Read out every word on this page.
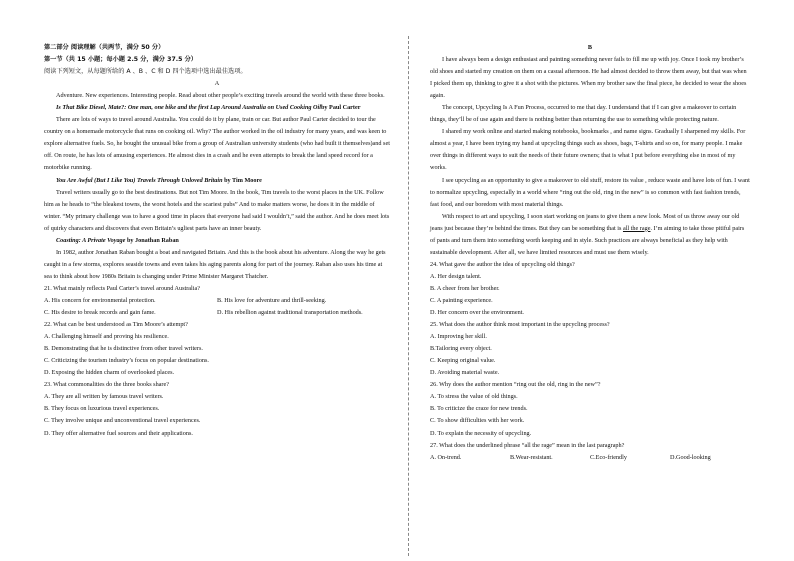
第二部分 阅读理解（共两节，满分 50 分）

第一节（共 15 小题；每小题 2.5 分，满分 37.5 分）

阅读下列短文，从每题所给的 A 、B 、C 和 D 四个选项中选出最佳选项。

A

Adventure. New experiences. Interesting people. Read about other people’s exciting travels around the world with these three books.

Is That Bike Diesel, Mate?: One man, one bike and the first Lap Around Australia on Used Cooking Oilby Paul Carter

There are lots of ways to travel around Australia. You could do it by plane, train or car. But author Paul Carter decided to tour the country on a homemade motorcycle that runs on cooking oil. Why? The author worked in the oil industry for many years, and was keen to explore alternative fuels. So, he bought the unusual bike from a group of Australian university students (who had built it themselves)and set off. On route, he has lots of amusing experiences. He almost dies in a crash and he even attempts to break the land speed record for a motorbike running.

You Are Awful (But I Like You) Travels Through Unloved Britain by Tim Moore

Travel writers usually go to the best destinations. But not Tim Moore. In the book, Tim travels to the worst places in the UK. Follow him as he heads to “the bleakest towns, the worst hotels and the scariest pubs” And to make matters worse, he does it in the middle of winter. “My primary challenge was to have a good time in places that everyone had said I wouldn’t,” said the author. And he does meet lots of quirky characters and discovers that even Britain’s ugliest parts have an inner beauty.

Coasting: A Private Voyage by Jonathan Raban

In 1982, author Jonathan Raban bought a boat and navigated Britain. And this is the book about his adventure. Along the way he gets caught in a few storms, explores seaside towns and even takes his aging parents along for part of the journey. Raban also uses his time at sea to think about how 1980s Britain is changing under Prime Minister Margaret Thatcher.

21. What mainly reflects Paul Carter’s travel around Australia?

A. His concern for environmental protection.	B. His love for adventure and thrill-seeking.
C. His desire to break records and gain fame.	D. His rebellion against traditional transportation methods.

22. What can be best understood as Tim Moore’s attempt?

A. Challenging himself and proving his resilience.

B. Demonstrating that he is distinctive from other travel writers.

C. Criticizing the tourism industry’s focus on popular destinations.

D. Exposing the hidden charm of overlooked places.

23. What commonalities do the three books share?

A. They are all written by famous travel writers.

B. They focus on luxurious travel experiences.

C. They involve unique and unconventional travel experiences.

D. They offer alternative fuel sources and their applications.

B

I have always been a design enthusiast and painting something never fails to fill me up with joy. Once I took my brother’s old shoes and started my creation on them on a casual afternoon. He had almost decided to throw them away, but that was when I picked them up, thinking to give it a shot with the pictures. When my brother saw the final piece, he decided to wear the shoes again.

The concept, Upcycling Is A Fun Process, occurred to me that day. I understand that if I can give a makeover to certain things, they’ll be of use again and there is nothing better than returning the use to something while protecting nature.

I shared my work online and started making notebooks, bookmarks , and name signs. Gradually I sharpened my skills. For almost a year, I have been trying my hand at upcycling things such as shoes, bags, T-shirts and so on, for many people. I make over things in different ways to suit the needs of their future owners; that is what I put before everything else in most of my works.

I see upcycling as an opportunity to give a makeover to old stuff, restore its value , reduce waste and have lots of fun. I want to normalize upcycling, especially in a world where “ring out the old, ring in the new” is so common with fast fashion trends, fast food, and our boredom with most material things.

With respect to art and upcycling, I soon start working on jeans to give them a new look. Most of us throw away our old jeans just because they’re behind the times. But they can be something that is all the rage. I’m aiming to take those pitiful pairs of pants and turn them into something worth keeping and in style. Such practices are always beneficial as they help with sustainable development. After all, we have limited resources and must use them wisely.

24. What gave the author the idea of upcycling old things?

A. Her design talent.

B. A cheer from her brother.

C. A painting experience.

D. Her concern over the environment.

25. What does the author think most important in the upcycling process?

A. Improving her skill.

B.Tailoring every object.

C. Keeping original value.

D. Avoiding material waste.

26. Why does the author mention “ring out the old, ring in the new”?

A. To stress the value of old things.

B. To criticize the craze for new trends.

C. To show difficulties with her work.

D. To explain the necessity of upcycling.

27. What does the underlined phrase “all the rage” mean in the last paragraph?

A. On-trend.	B.Wear-resistant.	C.Eco-friendly	D.Good-looking
